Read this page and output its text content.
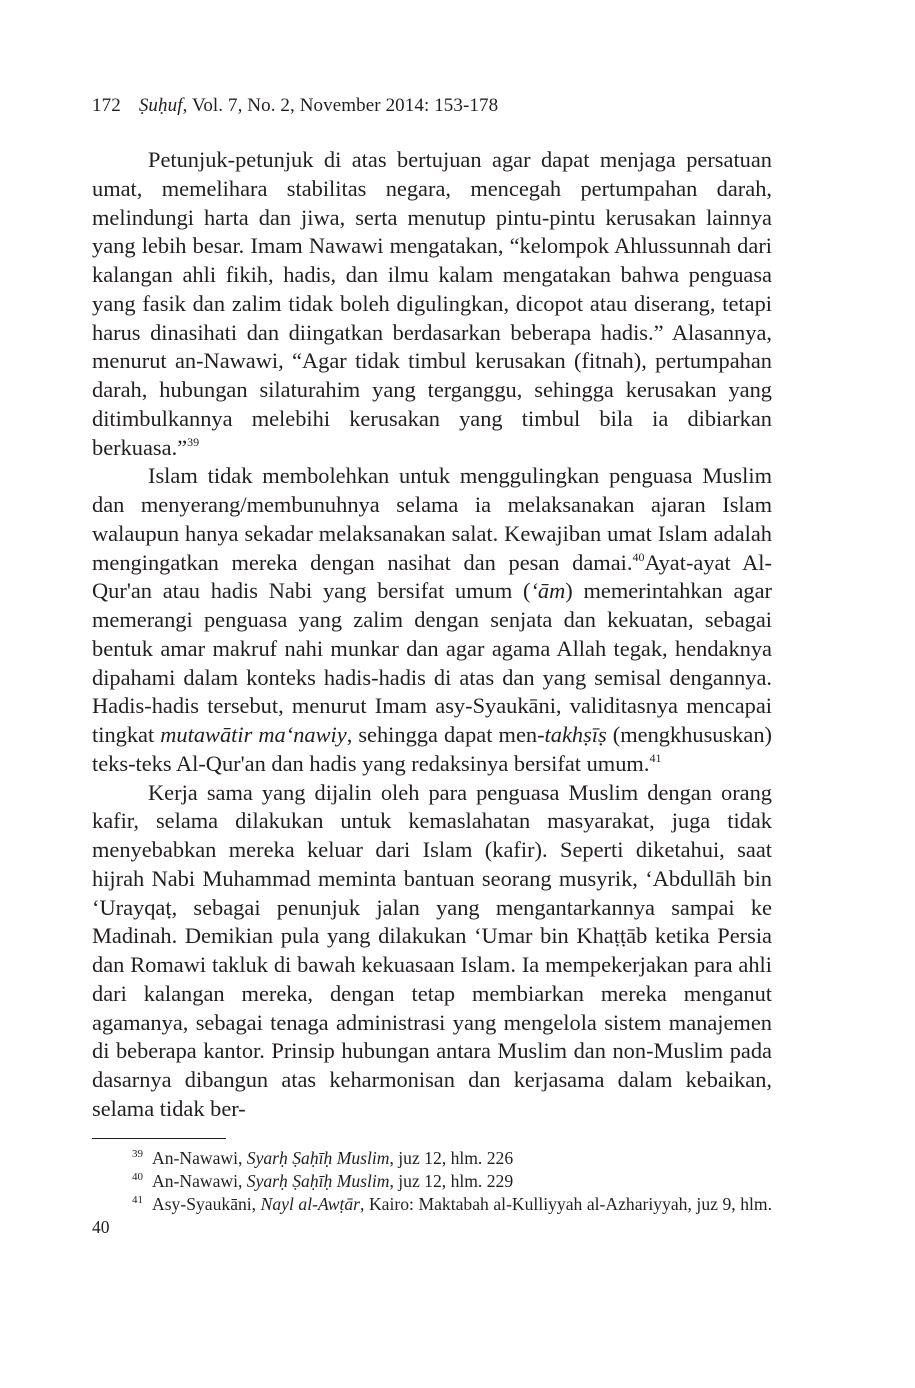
172 Ṣuḥuf, Vol. 7, No. 2, November 2014: 153-178

Petunjuk-petunjuk di atas bertujuan agar dapat menjaga persatuan umat, memelihara stabilitas negara, mencegah pertumpahan darah, melindungi harta dan jiwa, serta menutup pintu-pintu kerusakan lainnya yang lebih besar. Imam Nawawi mengatakan, “kelompok Ahlussunnah dari kalangan ahli fikih, hadis, dan ilmu kalam mengatakan bahwa penguasa yang fasik dan zalim tidak boleh digulingkan, dicopot atau diserang, tetapi harus dinasihati dan diingatkan berdasarkan beberapa hadis.” Alasannya, menurut an-Nawawi, “Agar tidak timbul kerusakan (fitnah), pertumpahan darah, hubungan silaturahim yang terganggu, sehingga kerusakan yang ditimbulkannya melebihi kerusakan yang timbul bila ia dibiarkan berkuasa.”$^{39}$

Islam tidak membolehkan untuk menggulingkan penguasa Muslim dan menyerang/membunuhnya selama ia melaksanakan ajaran Islam walaupun hanya sekadar melaksanakan salat. Kewajiban umat Islam adalah mengingatkan mereka dengan nasihat dan pesan damai.$^{40}$Ayat-ayat Al-Qur'an atau hadis Nabi yang bersifat umum (‘ām) memerintahkan agar memerangi penguasa yang zalim dengan senjata dan kekuatan, sebagai bentuk amar makruf nahi munkar dan agar agama Allah tegak, hendaknya dipahami dalam konteks hadis-hadis di atas dan yang semisal dengannya. Hadis-hadis tersebut, menurut Imam asy-Syaukāni, validitasnya mencapai tingkat mutawātir ma‘nawiy, sehingga dapat men-takhṣīṣ (mengkhususkan) teks-teks Al-Qur'an dan hadis yang redaksinya bersifat umum.$^{41}$

Kerja sama yang dijalin oleh para penguasa Muslim dengan orang kafir, selama dilakukan untuk kemaslahatan masyarakat, juga tidak menyebabkan mereka keluar dari Islam (kafir). Seperti diketahui, saat hijrah Nabi Muhammad meminta bantuan seorang musyrik, ‘Abdullāh bin ‘Urayqaṭ, sebagai penunjuk jalan yang mengantarkannya sampai ke Madinah. Demikian pula yang dilakukan ‘Umar bin Khaṭṭāb ketika Persia dan Romawi takluk di bawah kekuasaan Islam. Ia mempekerjakan para ahli dari kalangan mereka, dengan tetap membiarkan mereka menganut agamanya, sebagai tenaga administrasi yang mengelola sistem manajemen di beberapa kantor. Prinsip hubungan antara Muslim dan non-Muslim pada dasarnya dibangun atas keharmonisan dan kerjasama dalam kebaikan, selama tidak ber-

$^{39}$ An-Nawawi, Syarḥ Ṣaḥīḥ Muslim, juz 12, hlm. 226

$^{40}$ An-Nawawi, Syarḥ Ṣaḥīḥ Muslim, juz 12, hlm. 229

$^{41}$ Asy-Syaukāni, Nayl al-Awṭār, Kairo: Maktabah al-Kulliyyah al-Azhariyyah, juz 9, hlm. 40
